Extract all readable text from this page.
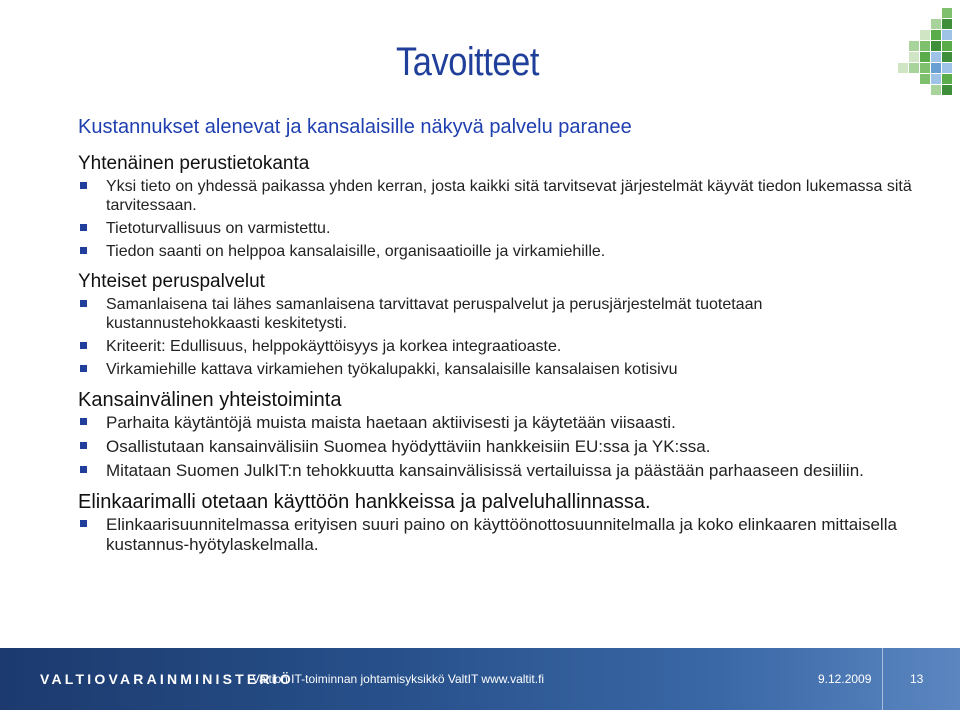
Tavoitteet
Kustannukset alenevat ja kansalaisille näkyvä palvelu paranee
Yhtenäinen perustietokanta
Yksi tieto on yhdessä paikassa yhden kerran, josta kaikki sitä tarvitsevat järjestelmät käyvät tiedon lukemassa sitä tarvitessaan.
Tietoturvallisuus on varmistettu.
Tiedon saanti on helppoa kansalaisille, organisaatioille ja virkamiehille.
Yhteiset peruspalvelut
Samanlaisena tai lähes samanlaisena tarvittavat peruspalvelut ja perusjärjestelmät tuotetaan kustannustehokkaasti keskitetysti.
Kriteerit: Edullisuus, helppokäyttöisyys ja korkea integraatioaste.
Virkamiehille kattava virkamiehen työkalupakki, kansalaisille kansalaisen kotisivu
Kansainvälinen yhteistoiminta
Parhaita käytäntöjä muista maista haetaan aktiivisesti ja käytetään viisaasti.
Osallistutaan kansainvälisiin Suomea hyödyttäviin hankkeisiin EU:ssa ja YK:ssa.
Mitataan Suomen JulkIT:n tehokkuutta kansainvälisissä vertailuissa ja päästään parhaaseen desiiliin.
Elinkaarimalli otetaan käyttöön hankkeissa ja palveluhallinnassa.
Elinkaarisuunnitelmassa erityisen suuri paino on käyttöönottosuunnitelmalla ja koko elinkaaren mittaisella kustannus-hyötylaskelmalla.
VALTIOVARAINMINISTERIÖ
Valtion IT-toiminnan johtamisyksikkö ValtIT www.valtit.fi	9.12.2009	13
